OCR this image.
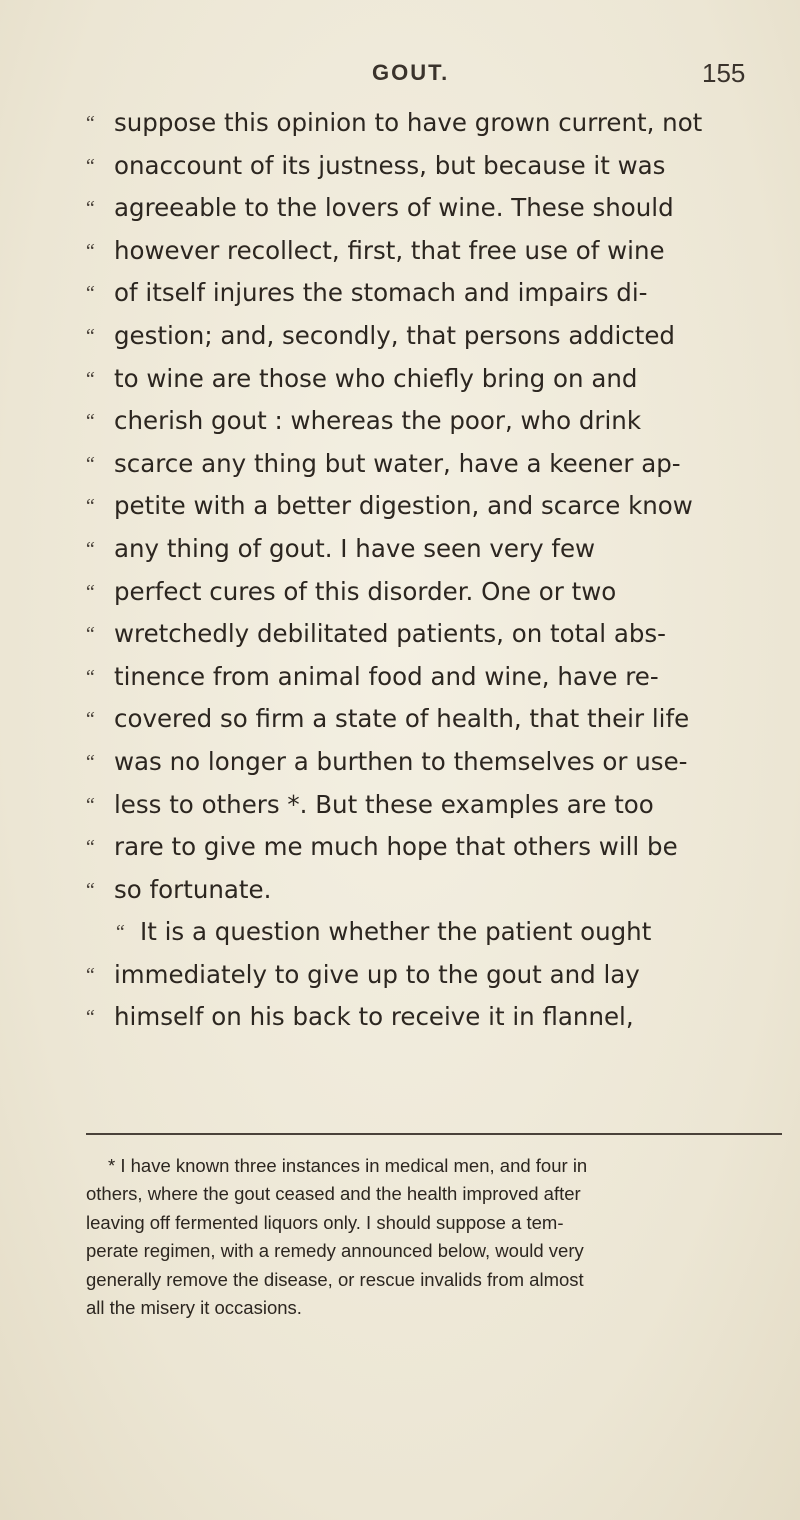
GOUT.	155
“ suppose this opinion to have grown current, not
“ onaccount of its justness, but because it was
“ agreeable to the lovers of wine. These should
“ however recollect, first, that free use of wine
“ of itself injures the stomach and impairs di-
“ gestion; and, secondly, that persons addicted
“ to wine are those who chiefly bring on and
“ cherish gout : whereas the poor, who drink
“ scarce any thing but water, have a keener ap-
“ petite with a better digestion, and scarce know
“ any thing of gout. I have seen very few
“ perfect cures of this disorder. One or two
“ wretchedly debilitated patients, on total abs-
“ tinence from animal food and wine, have re-
“ covered so firm a state of health, that their life
“ was no longer a burthen to themselves or use-
“ less to others *. But these examples are too
“ rare to give me much hope that others will be
“ so fortunate.
“ It is a question whether the patient ought
“ immediately to give up to the gout and lay
“ himself on his back to receive it in flannel,
* I have known three instances in medical men, and four in
others, where the gout ceased and the health improved after
leaving off fermented liquors only. I should suppose a tem-
perate regimen, with a remedy announced below, would very
generally remove the disease, or rescue invalids from almost
all the misery it occasions.
